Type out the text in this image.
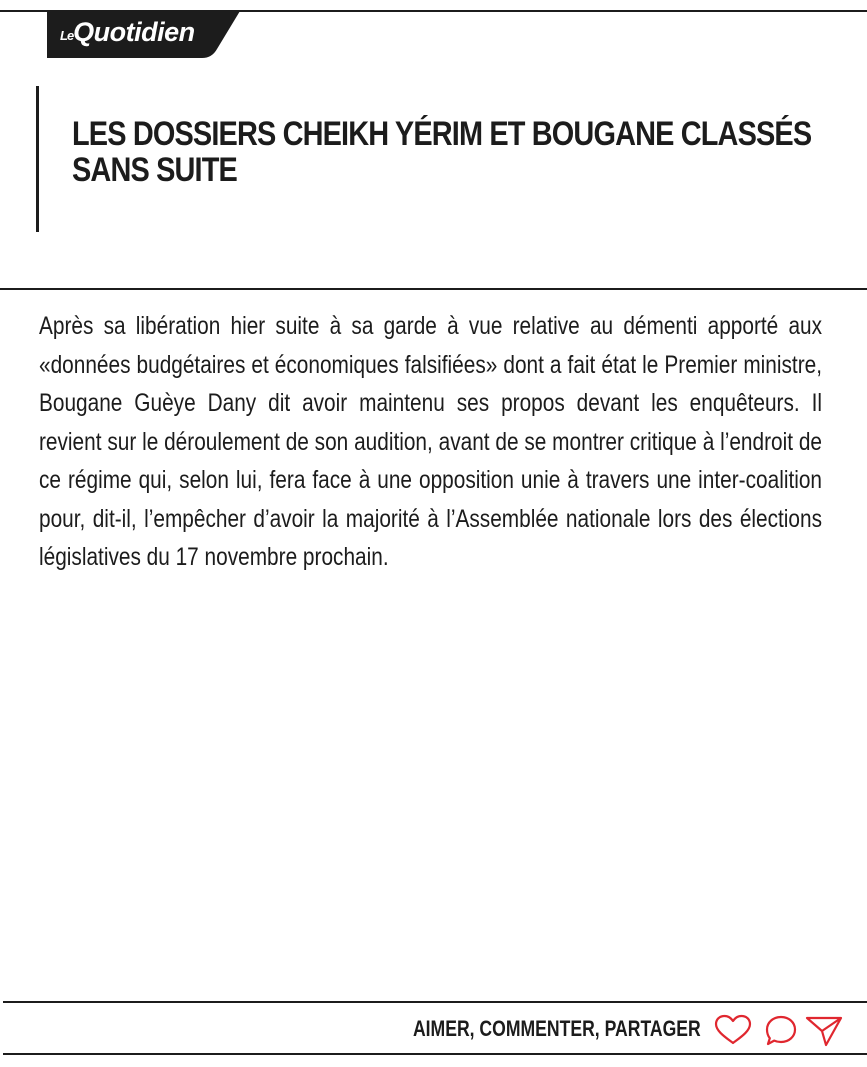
LeQuotidien
LES DOSSIERS CHEIKH YÉRIM ET BOUGANE CLASSÉS SANS SUITE

Après sa libération hier suite à sa garde à vue relative au démenti apporté aux «données budgétaires et économiques falsifiées» dont a fait état le Premier ministre, Bougane Guèye Dany dit avoir maintenu ses propos devant les enquêteurs. Il revient sur le déroulement de son audition, avant de se montrer critique à l’endroit de ce régime qui, selon lui, fera face à une opposition unie à travers une inter-coalition pour, dit-il, l’empêcher d’avoir la majorité à l’Assemblée nationale lors des élections législatives du 17 novembre prochain.

AIMER, COMMENTER, PARTAGER
